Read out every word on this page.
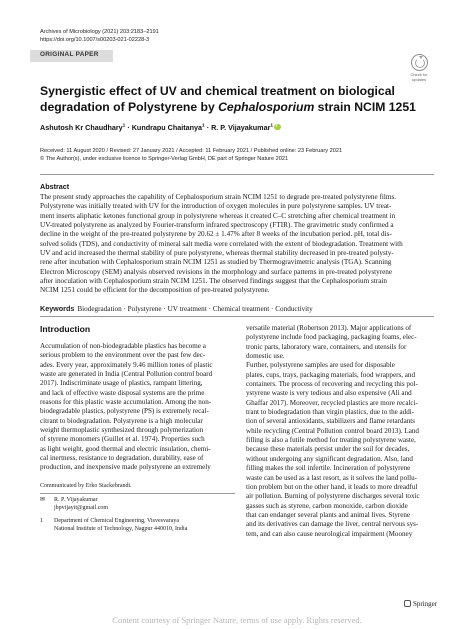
Archives of Microbiology (2021) 203:2183–2191
https://doi.org/10.1007/s00203-021-02228-3
ORIGINAL PAPER
Check for
updates
Synergistic effect of UV and chemical treatment on biological
degradation of Polystyrene by Cephalosporium strain NCIM 1251
Ashutosh Kr Chaudhary$^1$ · Kundrapu Chaitanya$^1$ · R. P. Vijayakumar$^1$i
Received: 11 August 2020 / Revised: 27 January 2021 / Accepted: 11 February 2021 / Published online: 23 February 2021
© The Author(s), under exclusive licence to Springer-Verlag GmbH, DE part of Springer Nature 2021
Abstract
The present study approaches the capability of Cephalosporium strain NCIM 1251 to degrade pre-treated polystyrene films.
Polystyrene was initially treated with UV for the introduction of oxygen molecules in pure polystyrene samples. UV treat-
ment inserts aliphatic ketones functional group in polystyrene whereas it created C–C stretching after chemical treatment in
UV-treated polystyrene as analyzed by Fourier-transform infrared spectroscopy (FTIR). The gravimetric study confirmed a
decline in the weight of the pre-treated polystyrene by 20.62 ± 1.47% after 8 weeks of the incubation period. pH, total dis-
solved solids (TDS), and conductivity of mineral salt media were correlated with the extent of biodegradation. Treatment with
UV and acid increased the thermal stability of pure polystyrene, whereas thermal stability decreased in pre-treated polysty-
rene after incubation with Cephalosporium strain NCIM 1251 as studied by Thermogravimetric analysis (TGA). Scanning
Electron Microscopy (SEM) analysis observed revisions in the morphology and surface patterns in pre-treated polystyrene
after inoculation with Cephalosporium strain NCIM 1251. The observed findings suggest that the Cephalosporium strain
NCIM 1251 could be efficient for the decomposition of pre-treated polystyrene.
Keywords Biodegradation · Polystyrene · UV treatment · Chemical treatment · Conductivity
Introduction
Accumulation of non-biodegradable plastics has become a
serious problem to the environment over the past few dec-
ades. Every year, approximately 9.46 million tones of plastic
waste are generated in India (Central Pollution control board
2017). Indiscriminate usage of plastics, rampant littering,
and lack of effective waste disposal systems are the prime
reasons for this plastic waste accumulation. Among the non-
biodegradable plastics, polystyrene (PS) is extremely recal-
citrant to biodegradation. Polystyrene is a high molecular
weight thermoplastic synthesized through polymerization
of styrene monomers (Guillet et al. 1974). Properties such
as light weight, good thermal and electric insulation, chemi-
cal inertness, resistance to degradation, durability, ease of
production, and inexpensive made polystyrene an extremely
versatile material (Robertson 2013). Major applications of
polystyrene include food packaging, packaging foams, elec-
tronic parts, laboratory ware, containers, and utensils for
domestic use.
Further, polystyrene samples are used for disposable
plates, cups, trays, packaging materials, food wrappers, and
containers. The process of recovering and recycling this pol-
ystyrene waste is very tedious and also expensive (Ali and
Ghaffar 2017). Moreover, recycled plastics are more recalci-
trant to biodegradation than virgin plastics, due to the addi-
tion of several antioxidants, stabilizers and flame retardants
while recycling (Central Pollution control board 2013). Land
filling is also a futile method for treating polystyrene waste,
because these materials persist under the soil for decades,
without undergoing any significant degradation. Also, land
filling makes the soil infertile. Incineration of polystyrene
waste can be used as a last resort, as it solves the land pollu-
tion problem but on the other hand, it leads to more dreadful
air pollution. Burning of polystyrene discharges several toxic
gasses such as styrene, carbon monoxide, carbon dioxide
that can endanger several plants and animal lives. Styrene
and its derivatives can damage the liver, central nervous sys-
tem, and can also cause neurological impairment (Mooney
Communicated by Erko Stackebrandt.
✉ R. P. Vijayakumar
jbpvijayit@gmail.com
1 Department of Chemical Engineering, Visvesvaraya
National Institute of Technology, Nagpur 440010, India
Springer
Content courtesy of Springer Nature, terms of use apply. Rights reserved.
